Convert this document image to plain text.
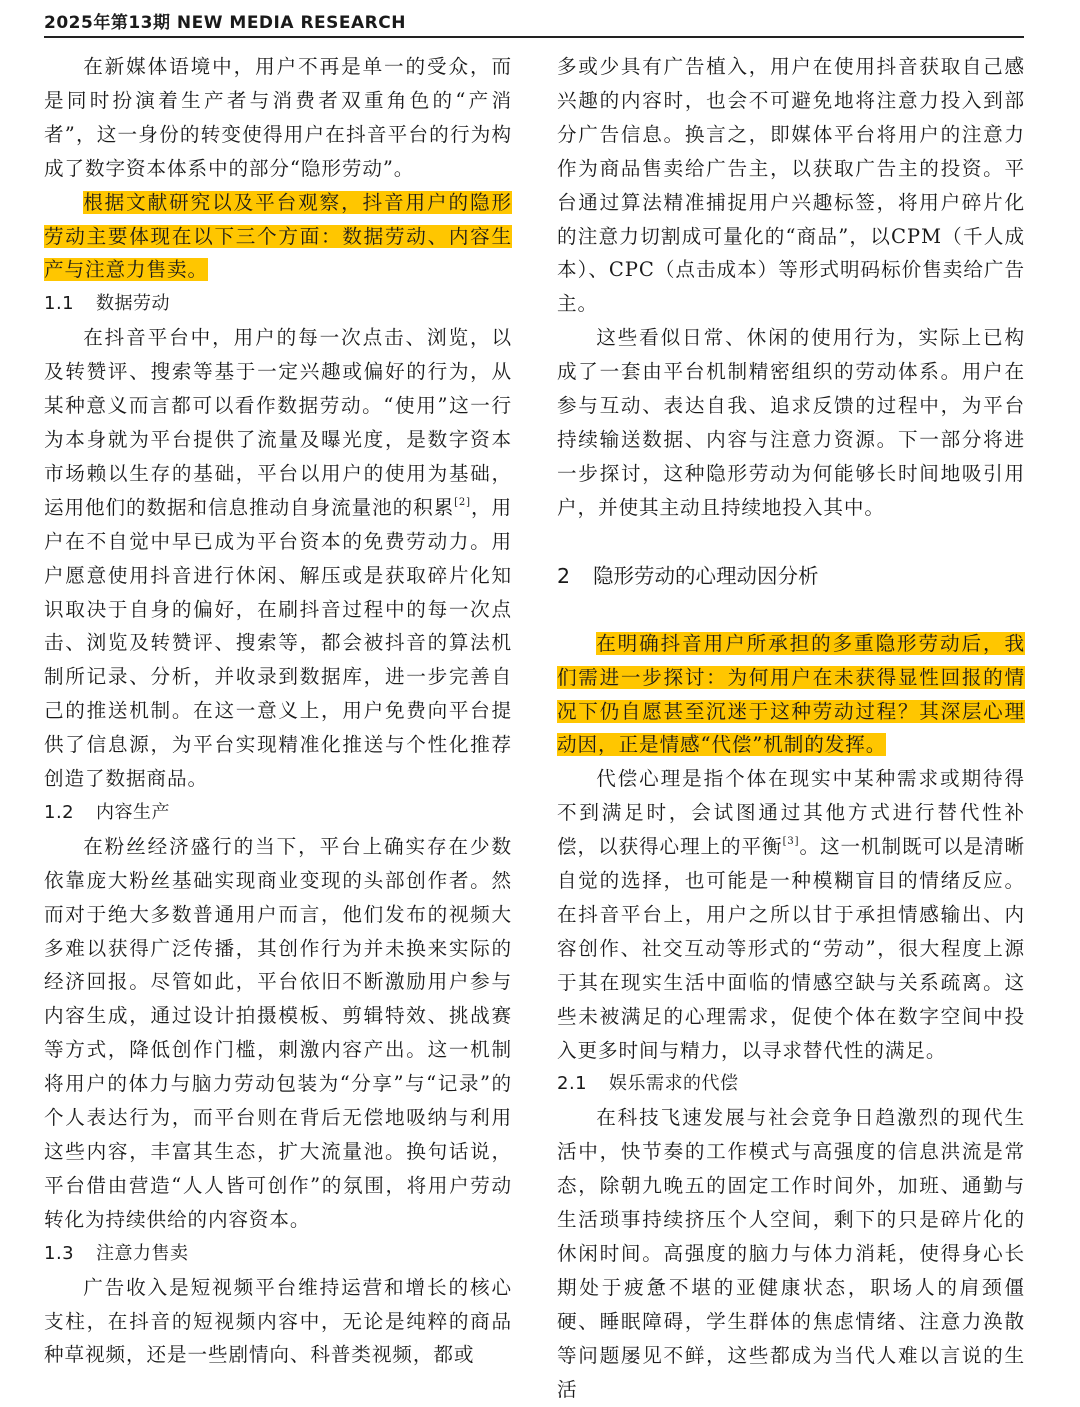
2025年第13期 NEW MEDIA RESEARCH

在新媒体语境中，用户不再是单一的受众，而是同时扮演着生产者与消费者双重角色的“产消者”，这一身份的转变使得用户在抖音平台的行为构成了数字资本体系中的部分“隐形劳动”。

根据文献研究以及平台观察，抖音用户的隐形劳动主要体现在以下三个方面：数据劳动、内容生产与注意力售卖。

1.1 数据劳动

在抖音平台中，用户的每一次点击、浏览，以及转赞评、搜索等基于一定兴趣或偏好的行为，从某种意义而言都可以看作数据劳动。“使用”这一行为本身就为平台提供了流量及曝光度，是数字资本市场赖以生存的基础，平台以用户的使用为基础，运用他们的数据和信息推动自身流量池的积累[2]，用户在不自觉中早已成为平台资本的免费劳动力。用户愿意使用抖音进行休闲、解压或是获取碎片化知识取决于自身的偏好，在刷抖音过程中的每一次点击、浏览及转赞评、搜索等，都会被抖音的算法机制所记录、分析，并收录到数据库，进一步完善自己的推送机制。在这一意义上，用户免费向平台提供了信息源，为平台实现精准化推送与个性化推荐创造了数据商品。

1.2 内容生产

在粉丝经济盛行的当下，平台上确实存在少数依靠庞大粉丝基础实现商业变现的头部创作者。然而对于绝大多数普通用户而言，他们发布的视频大多难以获得广泛传播，其创作行为并未换来实际的经济回报。尽管如此，平台依旧不断激励用户参与内容生成，通过设计拍摄模板、剪辑特效、挑战赛等方式，降低创作门槛，刺激内容产出。这一机制将用户的体力与脑力劳动包装为“分享”与“记录”的个人表达行为，而平台则在背后无偿地吸纳与利用这些内容，丰富其生态，扩大流量池。换句话说，平台借由营造“人人皆可创作”的氛围，将用户劳动转化为持续供给的内容资本。

1.3 注意力售卖

广告收入是短视频平台维持运营和增长的核心支柱，在抖音的短视频内容中，无论是纯粹的商品种草视频，还是一些剧情向、科普类视频，都或

多或少具有广告植入，用户在使用抖音获取自己感兴趣的内容时，也会不可避免地将注意力投入到部分广告信息。换言之，即媒体平台将用户的注意力作为商品售卖给广告主，以获取广告主的投资。平台通过算法精准捕捉用户兴趣标签，将用户碎片化的注意力切割成可量化的“商品”，以CPM（千人成本）、CPC（点击成本）等形式明码标价售卖给广告主。

这些看似日常、休闲的使用行为，实际上已构成了一套由平台机制精密组织的劳动体系。用户在参与互动、表达自我、追求反馈的过程中，为平台持续输送数据、内容与注意力资源。下一部分将进一步探讨，这种隐形劳动为何能够长时间地吸引用户，并使其主动且持续地投入其中。

2 隐形劳动的心理动因分析

在明确抖音用户所承担的多重隐形劳动后，我们需进一步探讨：为何用户在未获得显性回报的情况下仍自愿甚至沉迷于这种劳动过程？其深层心理动因，正是情感“代偿”机制的发挥。

代偿心理是指个体在现实中某种需求或期待得不到满足时，会试图通过其他方式进行替代性补偿，以获得心理上的平衡[3]。这一机制既可以是清晰自觉的选择，也可能是一种模糊盲目的情绪反应。在抖音平台上，用户之所以甘于承担情感输出、内容创作、社交互动等形式的“劳动”，很大程度上源于其在现实生活中面临的情感空缺与关系疏离。这些未被满足的心理需求，促使个体在数字空间中投入更多时间与精力，以寻求替代性的满足。

2.1 娱乐需求的代偿

在科技飞速发展与社会竞争日趋激烈的现代生活中，快节奏的工作模式与高强度的信息洪流是常态，除朝九晚五的固定工作时间外，加班、通勤与生活琐事持续挤压个人空间，剩下的只是碎片化的休闲时间。高强度的脑力与体力消耗，使得身心长期处于疲惫不堪的亚健康状态，职场人的肩颈僵硬、睡眠障碍，学生群体的焦虑情绪、注意力涣散等问题屡见不鲜，这些都成为当代人难以言说的生活
